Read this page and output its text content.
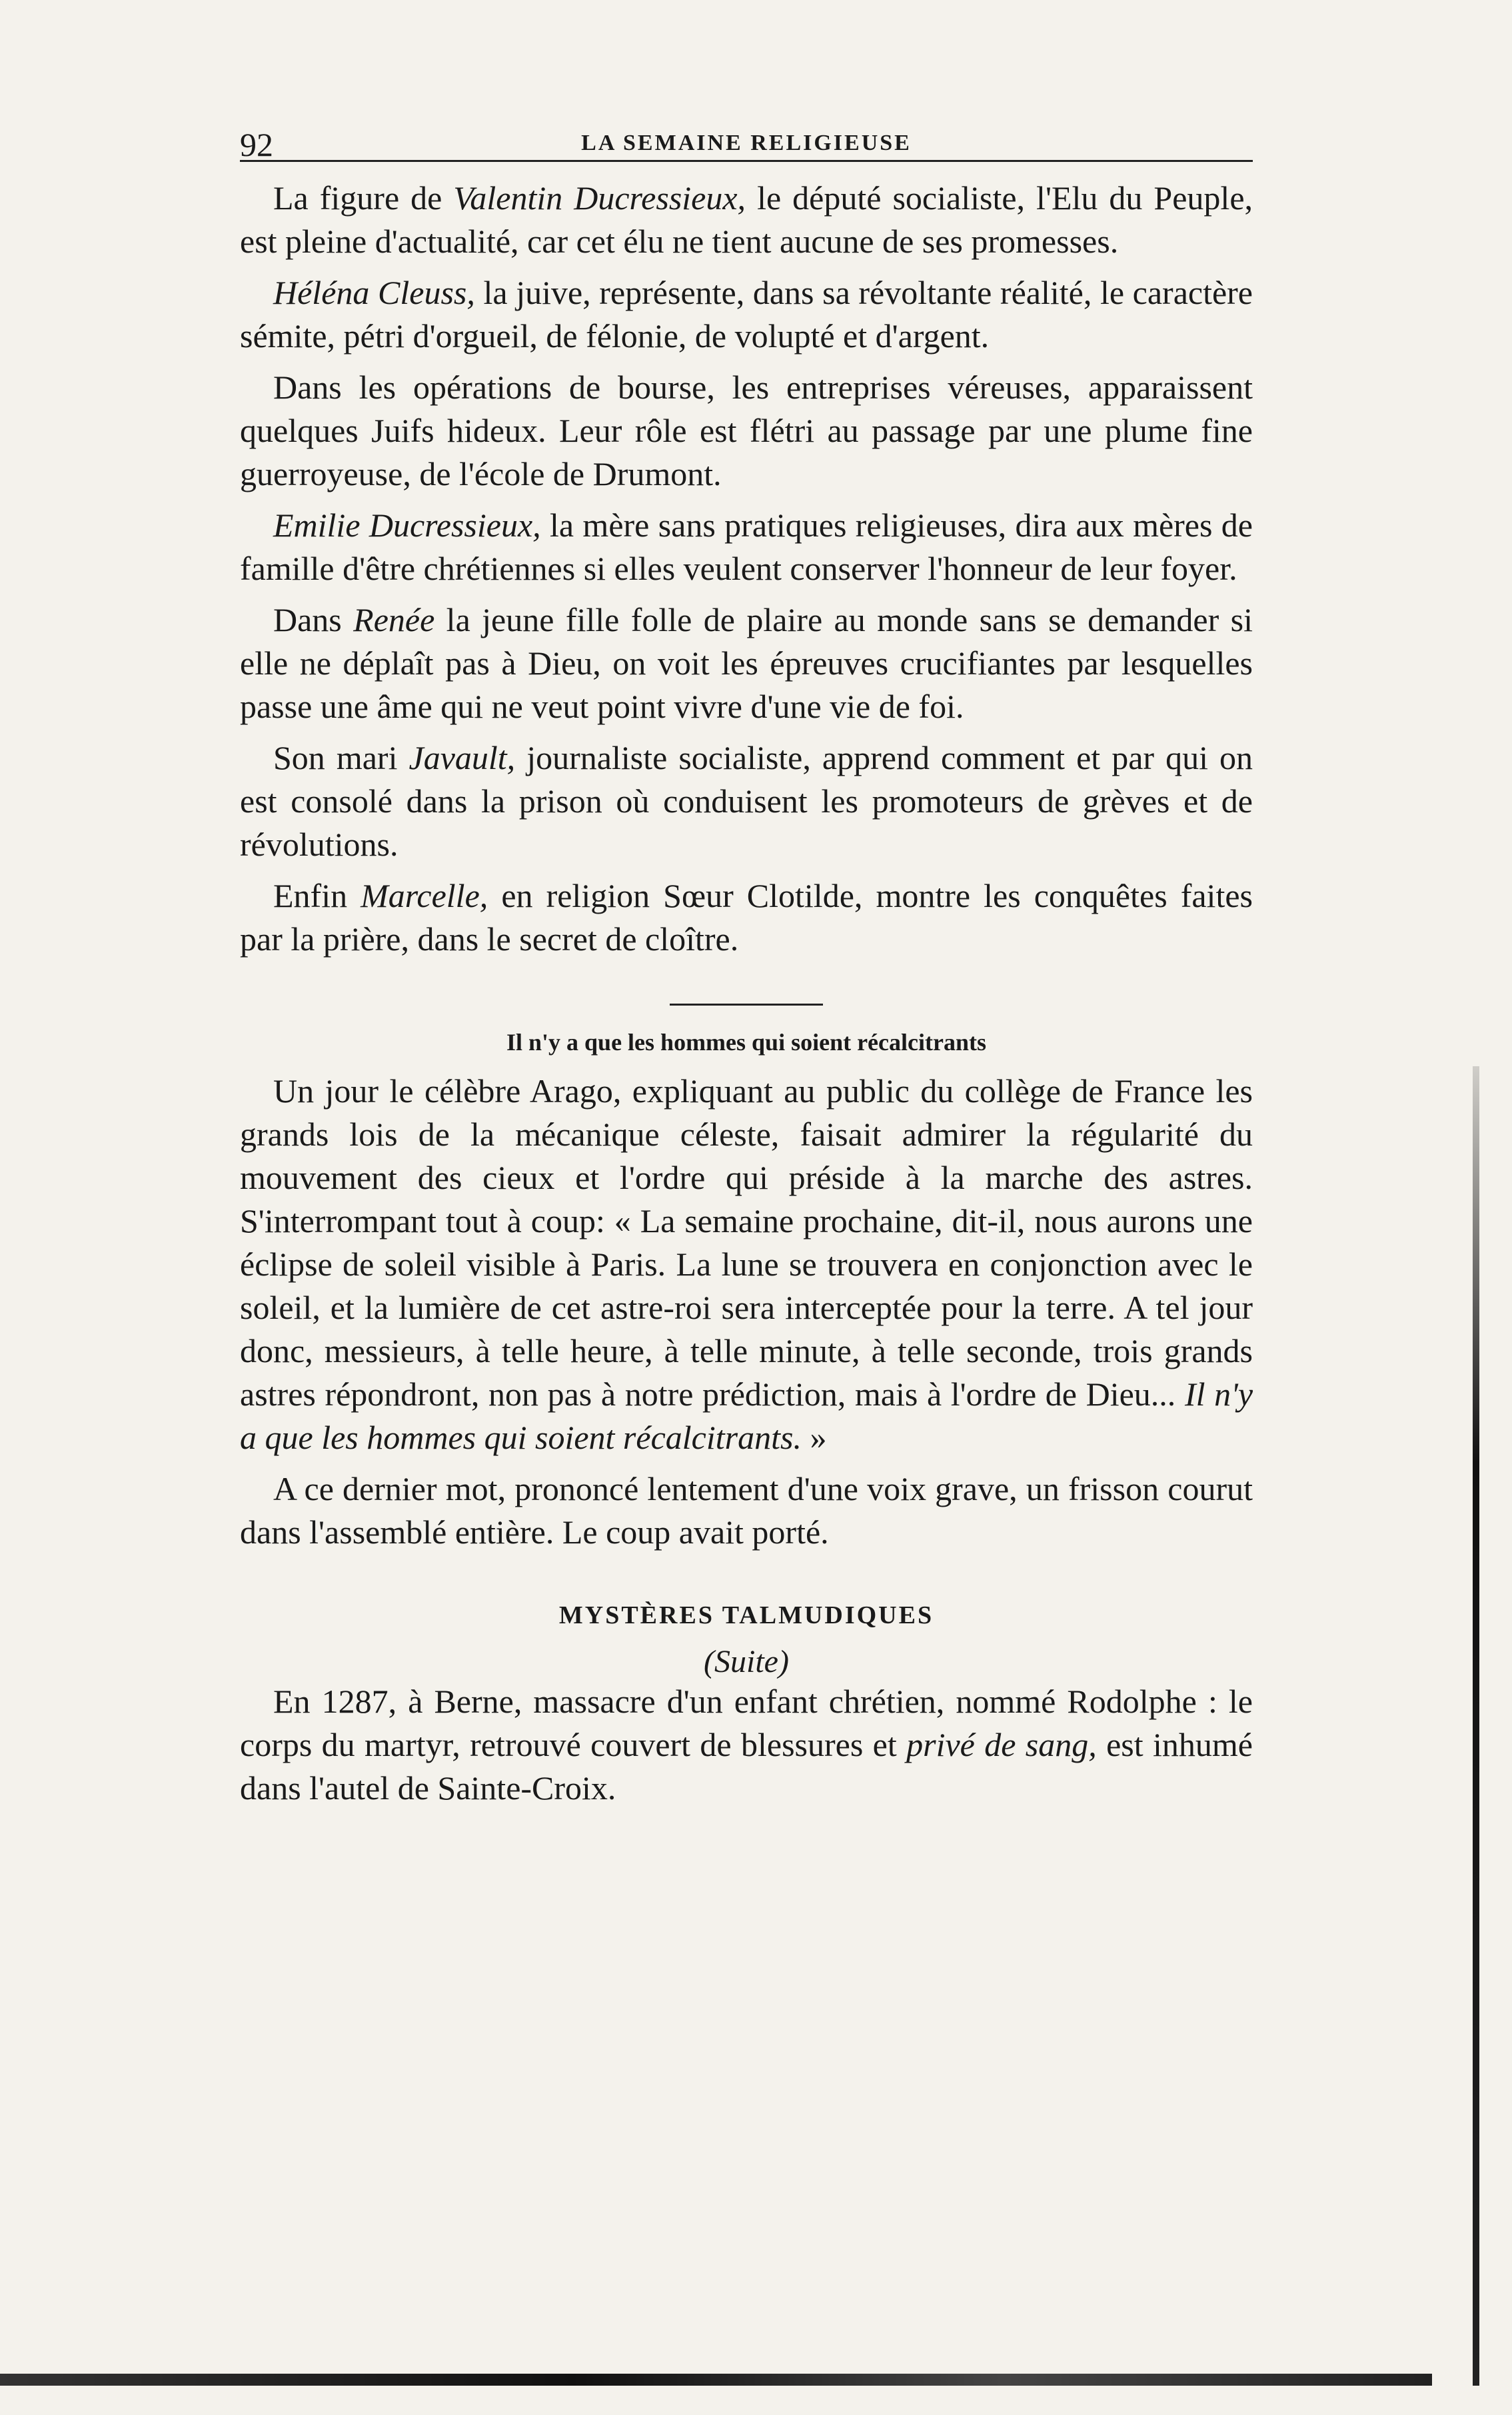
92	LA SEMAINE RELIGIEUSE

La figure de Valentin Ducressieux, le député socialiste, l'Elu du Peuple, est pleine d'actualité, car cet élu ne tient aucune de ses promesses.

Héléna Cleuss, la juive, représente, dans sa révoltante réalité, le caractère sémite, pétri d'orgueil, de félonie, de volupté et d'argent.

Dans les opérations de bourse, les entreprises véreuses, apparaissent quelques Juifs hideux. Leur rôle est flétri au passage par une plume fine guerroyeuse, de l'école de Drumont.

Emilie Ducressieux, la mère sans pratiques religieuses, dira aux mères de famille d'être chrétiennes si elles veulent conserver l'honneur de leur foyer.

Dans Renée la jeune fille folle de plaire au monde sans se demander si elle ne déplaît pas à Dieu, on voit les épreuves crucifiantes par lesquelles passe une âme qui ne veut point vivre d'une vie de foi.

Son mari Javault, journaliste socialiste, apprend comment et par qui on est consolé dans la prison où conduisent les promoteurs de grèves et de révolutions.

Enfin Marcelle, en religion Sœur Clotilde, montre les conquêtes faites par la prière, dans le secret de cloître.

Il n'y a que les hommes qui soient récalcitrants

Un jour le célèbre Arago, expliquant au public du collège de France les grands lois de la mécanique céleste, faisait admirer la régularité du mouvement des cieux et l'ordre qui préside à la marche des astres. S'interrompant tout à coup: « La semaine prochaine, dit-il, nous aurons une éclipse de soleil visible à Paris. La lune se trouvera en conjonction avec le soleil, et la lumière de cet astre-roi sera interceptée pour la terre. A tel jour donc, messieurs, à telle heure, à telle minute, à telle seconde, trois grands astres répondront, non pas à notre prédiction, mais à l'ordre de Dieu... Il n'y a que les hommes qui soient récalcitrants. »

A ce dernier mot, prononcé lentement d'une voix grave, un frisson courut dans l'assemblé entière. Le coup avait porté.

MYSTÈRES TALMUDIQUES
(Suite)

En 1287, à Berne, massacre d'un enfant chrétien, nommé Rodolphe : le corps du martyr, retrouvé couvert de blessures et privé de sang, est inhumé dans l'autel de Sainte-Croix.
